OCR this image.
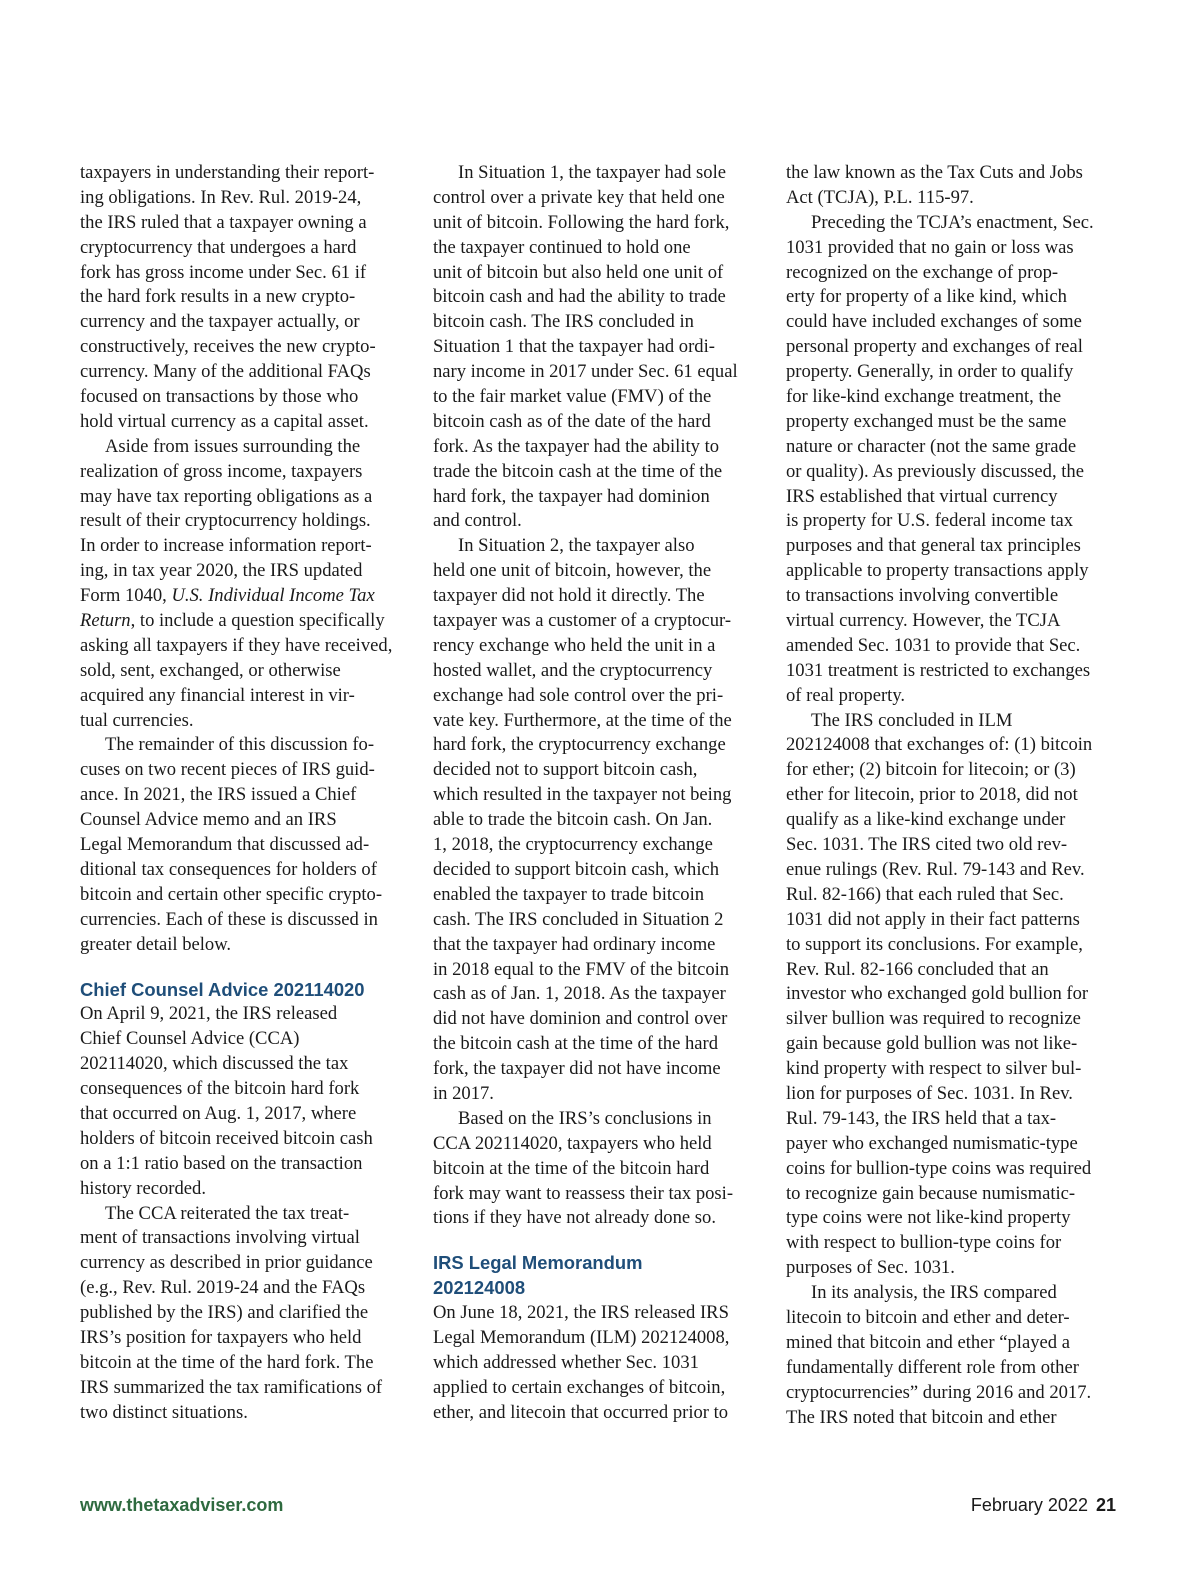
taxpayers in understanding their report-
ing obligations. In Rev. Rul. 2019-24,
the IRS ruled that a taxpayer owning a
cryptocurrency that undergoes a hard
fork has gross income under Sec. 61 if
the hard fork results in a new crypto-
currency and the taxpayer actually, or
constructively, receives the new crypto-
currency. Many of the additional FAQs
focused on transactions by those who
hold virtual currency as a capital asset.
Aside from issues surrounding the
realization of gross income, taxpayers
may have tax reporting obligations as a
result of their cryptocurrency holdings.
In order to increase information report-
ing, in tax year 2020, the IRS updated
Form 1040, U.S. Individual Income Tax
Return, to include a question specifically
asking all taxpayers if they have received,
sold, sent, exchanged, or otherwise
acquired any financial interest in vir-
tual currencies.
The remainder of this discussion fo-
cuses on two recent pieces of IRS guid-
ance. In 2021, the IRS issued a Chief
Counsel Advice memo and an IRS
Legal Memorandum that discussed ad-
ditional tax consequences for holders of
bitcoin and certain other specific crypto-
currencies. Each of these is discussed in
greater detail below.
Chief Counsel Advice 202114020
On April 9, 2021, the IRS released
Chief Counsel Advice (CCA)
202114020, which discussed the tax
consequences of the bitcoin hard fork
that occurred on Aug. 1, 2017, where
holders of bitcoin received bitcoin cash
on a 1:1 ratio based on the transaction
history recorded.
The CCA reiterated the tax treat-
ment of transactions involving virtual
currency as described in prior guidance
(e.g., Rev. Rul. 2019-24 and the FAQs
published by the IRS) and clarified the
IRS’s position for taxpayers who held
bitcoin at the time of the hard fork. The
IRS summarized the tax ramifications of
two distinct situations.
In Situation 1, the taxpayer had sole
control over a private key that held one
unit of bitcoin. Following the hard fork,
the taxpayer continued to hold one
unit of bitcoin but also held one unit of
bitcoin cash and had the ability to trade
bitcoin cash. The IRS concluded in
Situation 1 that the taxpayer had ordi-
nary income in 2017 under Sec. 61 equal
to the fair market value (FMV) of the
bitcoin cash as of the date of the hard
fork. As the taxpayer had the ability to
trade the bitcoin cash at the time of the
hard fork, the taxpayer had dominion
and control.
In Situation 2, the taxpayer also
held one unit of bitcoin, however, the
taxpayer did not hold it directly. The
taxpayer was a customer of a cryptocur-
rency exchange who held the unit in a
hosted wallet, and the cryptocurrency
exchange had sole control over the pri-
vate key. Furthermore, at the time of the
hard fork, the cryptocurrency exchange
decided not to support bitcoin cash,
which resulted in the taxpayer not being
able to trade the bitcoin cash. On Jan.
1, 2018, the cryptocurrency exchange
decided to support bitcoin cash, which
enabled the taxpayer to trade bitcoin
cash. The IRS concluded in Situation 2
that the taxpayer had ordinary income
in 2018 equal to the FMV of the bitcoin
cash as of Jan. 1, 2018. As the taxpayer
did not have dominion and control over
the bitcoin cash at the time of the hard
fork, the taxpayer did not have income
in 2017.
Based on the IRS’s conclusions in
CCA 202114020, taxpayers who held
bitcoin at the time of the bitcoin hard
fork may want to reassess their tax posi-
tions if they have not already done so.
IRS Legal Memorandum
202124008
On June 18, 2021, the IRS released IRS
Legal Memorandum (ILM) 202124008,
which addressed whether Sec. 1031
applied to certain exchanges of bitcoin,
ether, and litecoin that occurred prior to
the law known as the Tax Cuts and Jobs
Act (TCJA), P.L. 115-97.
Preceding the TCJA’s enactment, Sec.
1031 provided that no gain or loss was
recognized on the exchange of prop-
erty for property of a like kind, which
could have included exchanges of some
personal property and exchanges of real
property. Generally, in order to qualify
for like-kind exchange treatment, the
property exchanged must be the same
nature or character (not the same grade
or quality). As previously discussed, the
IRS established that virtual currency
is property for U.S. federal income tax
purposes and that general tax principles
applicable to property transactions apply
to transactions involving convertible
virtual currency. However, the TCJA
amended Sec. 1031 to provide that Sec.
1031 treatment is restricted to exchanges
of real property.
The IRS concluded in ILM
202124008 that exchanges of: (1) bitcoin
for ether; (2) bitcoin for litecoin; or (3)
ether for litecoin, prior to 2018, did not
qualify as a like-kind exchange under
Sec. 1031. The IRS cited two old rev-
enue rulings (Rev. Rul. 79-143 and Rev.
Rul. 82-166) that each ruled that Sec.
1031 did not apply in their fact patterns
to support its conclusions. For example,
Rev. Rul. 82-166 concluded that an
investor who exchanged gold bullion for
silver bullion was required to recognize
gain because gold bullion was not like-
kind property with respect to silver bul-
lion for purposes of Sec. 1031. In Rev.
Rul. 79-143, the IRS held that a tax-
payer who exchanged numismatic-type
coins for bullion-type coins was required
to recognize gain because numismatic-
type coins were not like-kind property
with respect to bullion-type coins for
purposes of Sec. 1031.
In its analysis, the IRS compared
litecoin to bitcoin and ether and deter-
mined that bitcoin and ether “played a
fundamentally different role from other
cryptocurrencies” during 2016 and 2017.
The IRS noted that bitcoin and ether
www.thetaxadviser.com	February 2022 21
